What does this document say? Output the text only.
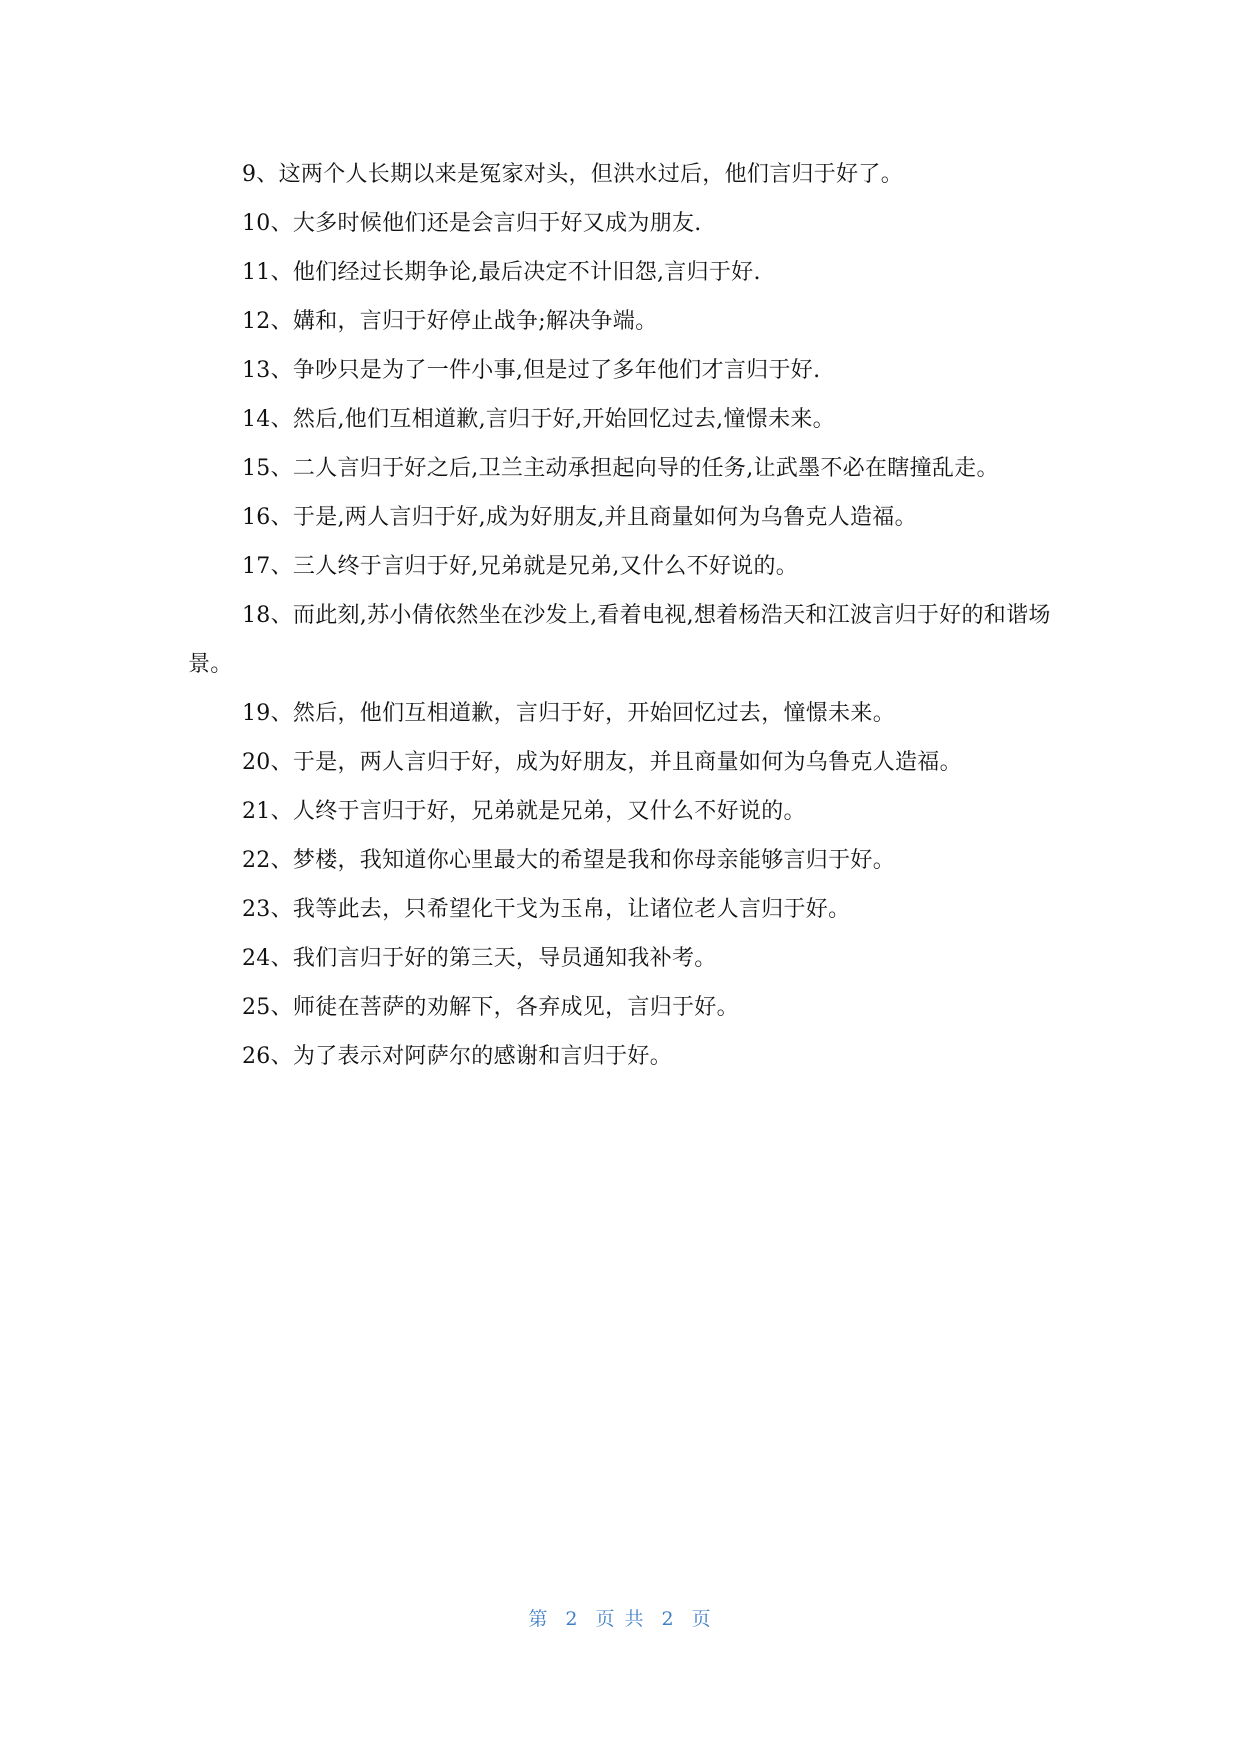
9、这两个人长期以来是冤家对头，但洪水过后，他们言归于好了。

10、大多时候他们还是会言归于好又成为朋友.

11、他们经过长期争论,最后决定不计旧怨,言归于好.

12、媾和，言归于好停止战争;解决争端。

13、争吵只是为了一件小事,但是过了多年他们才言归于好.

14、然后,他们互相道歉,言归于好,开始回忆过去,憧憬未来。

15、二人言归于好之后,卫兰主动承担起向导的任务,让武墨不必在瞎撞乱走。

16、于是,两人言归于好,成为好朋友,并且商量如何为乌鲁克人造福。

17、三人终于言归于好,兄弟就是兄弟,又什么不好说的。

18、而此刻,苏小倩依然坐在沙发上,看着电视,想着杨浩天和江波言归于好的和谐场景。

19、然后，他们互相道歉，言归于好，开始回忆过去，憧憬未来。

20、于是，两人言归于好，成为好朋友，并且商量如何为乌鲁克人造福。

21、人终于言归于好，兄弟就是兄弟，又什么不好说的。

22、梦楼，我知道你心里最大的希望是我和你母亲能够言归于好。

23、我等此去，只希望化干戈为玉帛，让诸位老人言归于好。

24、我们言归于好的第三天，导员通知我补考。

25、师徒在菩萨的劝解下，各弃成见，言归于好。

26、为了表示对阿萨尔的感谢和言归于好。

第 2 页 共 2 页
